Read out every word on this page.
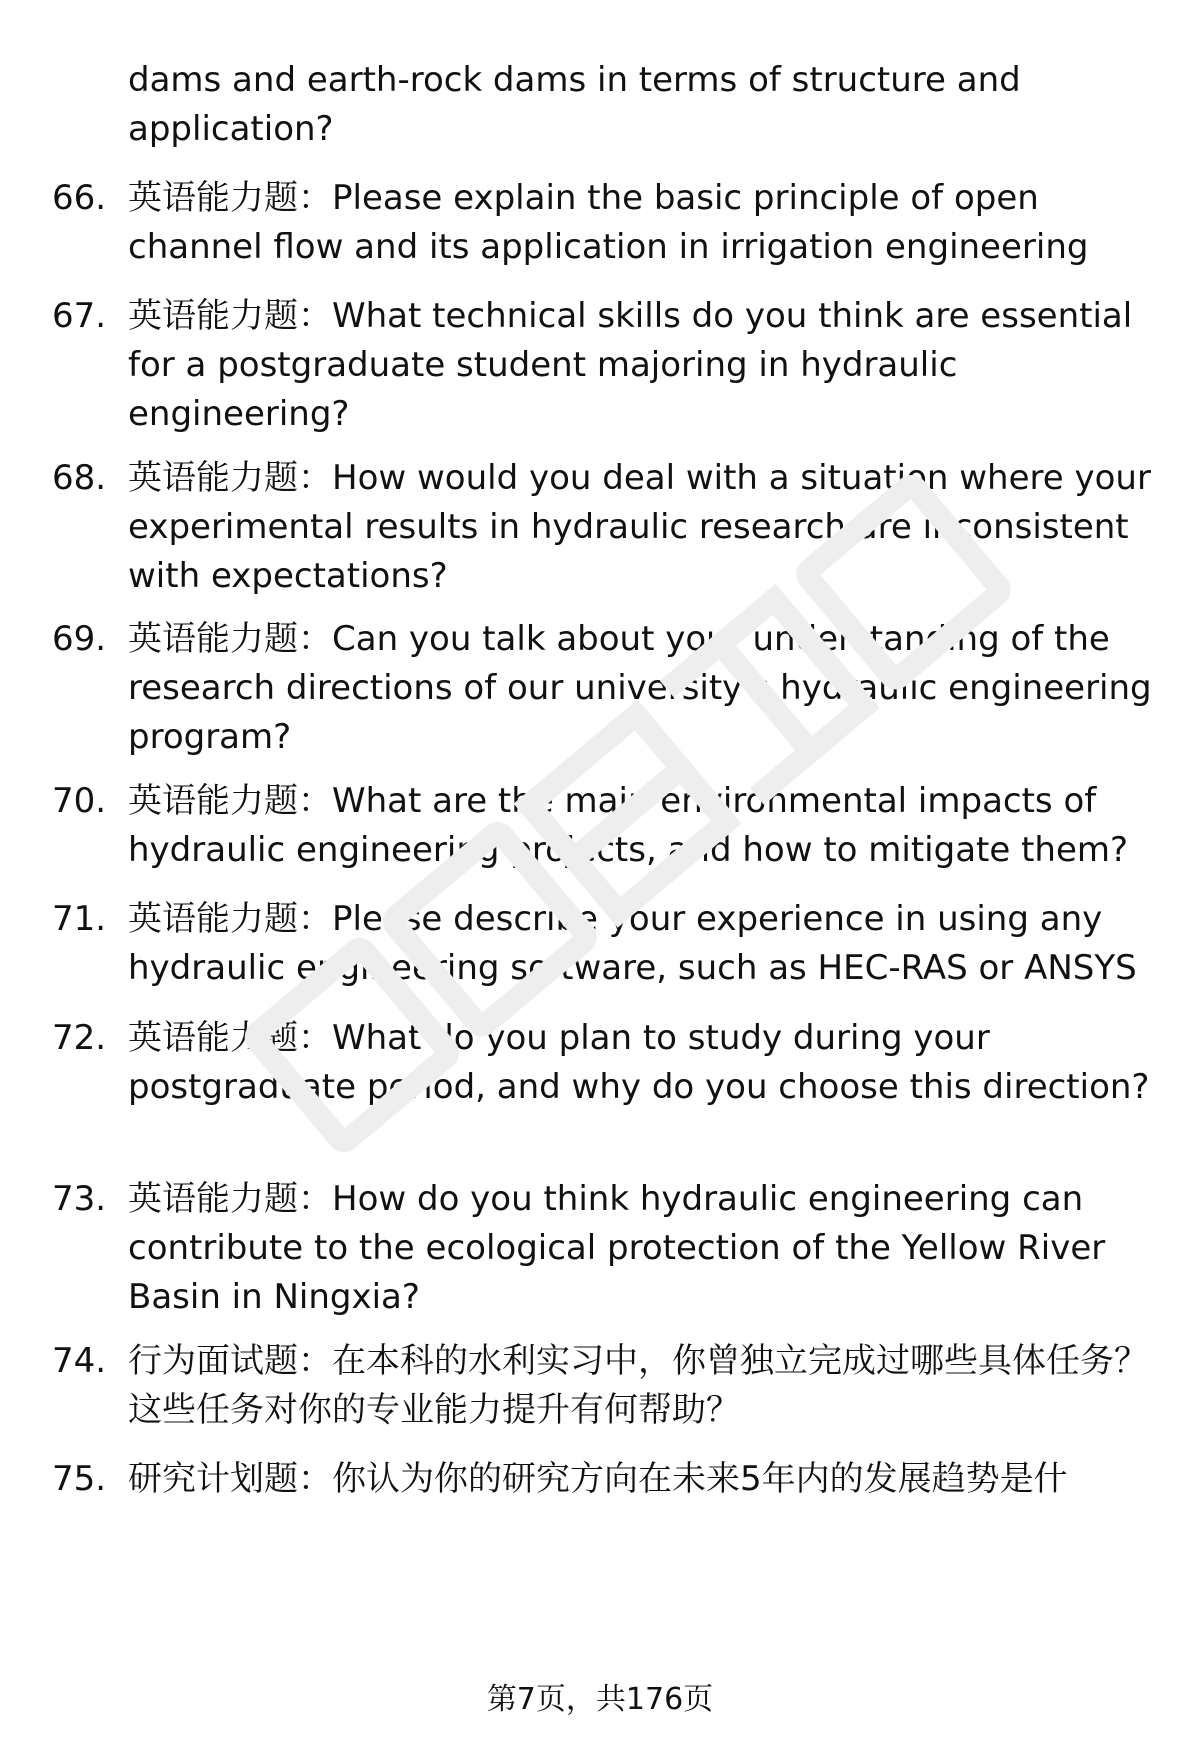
dams and earth-rock dams in terms of structure and application?
66. 英语能力题：Please explain the basic principle of open channel flow and its application in irrigation engineering
67. 英语能力题：What technical skills do you think are essential for a postgraduate student majoring in hydraulic engineering?
68. 英语能力题：How would you deal with a situation where your experimental results in hydraulic research are inconsistent with expectations?
69. 英语能力题：Can you talk about your understanding of the research directions of our university's hydraulic engineering program?
70. 英语能力题：What are the main environmental impacts of hydraulic engineering projects, and how to mitigate them?
71. 英语能力题：Please describe your experience in using any hydraulic engineering software, such as HEC-RAS or ANSYS
72. 英语能力题：What do you plan to study during your postgraduate period, and why do you choose this direction?
73. 英语能力题：How do you think hydraulic engineering can contribute to the ecological protection of the Yellow River Basin in Ningxia?
74. 行为面试题：在本科的水利实习中，你曾独立完成过哪些具体任务？这些任务对你的专业能力提升有何帮助？
75. 研究计划题：你认为你的研究方向在未来5年内的发展趋势是什
第7页，共176页
